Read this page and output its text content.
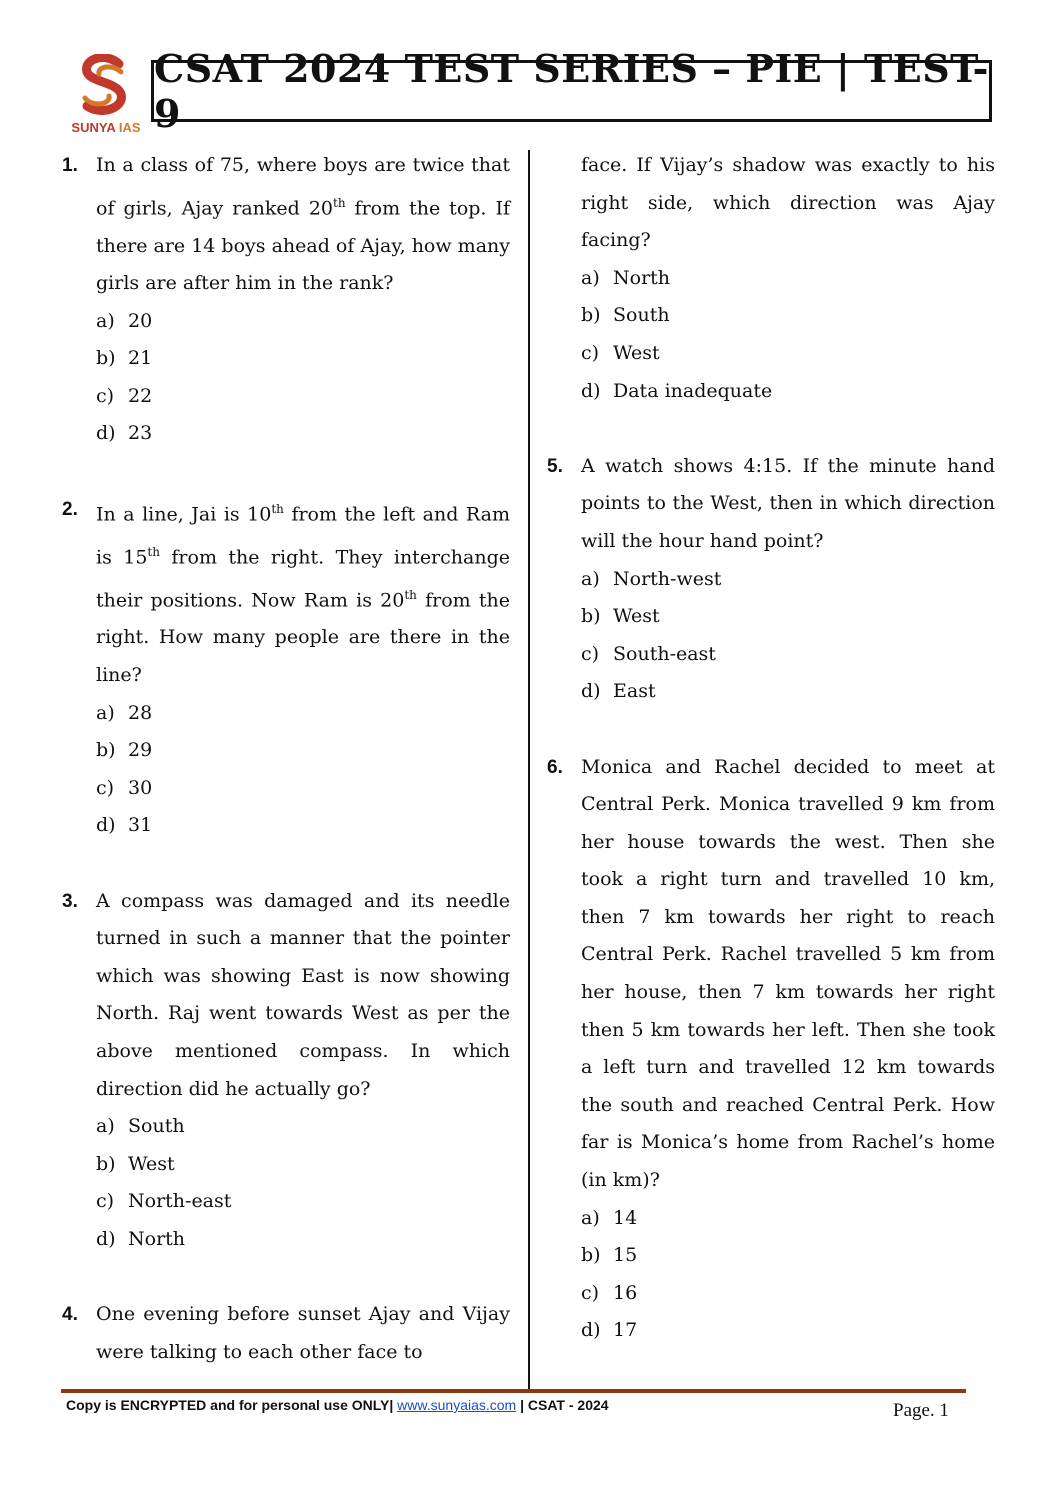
SUNYA IAS
CSAT 2024 TEST SERIES – PIE | TEST-9
1. In a class of 75, where boys are twice that of girls, Ajay ranked 20th from the top. If there are 14 boys ahead of Ajay, how many girls are after him in the rank?
a) 20
b) 21
c) 22
d) 23
2. In a line, Jai is 10th from the left and Ram is 15th from the right. They interchange their positions. Now Ram is 20th from the right. How many people are there in the line?
a) 28
b) 29
c) 30
d) 31
3. A compass was damaged and its needle turned in such a manner that the pointer which was showing East is now showing North. Raj went towards West as per the above mentioned compass. In which direction did he actually go?
a) South
b) West
c) North-east
d) North
4. One evening before sunset Ajay and Vijay were talking to each other face to
face. If Vijay’s shadow was exactly to his right side, which direction was Ajay facing?
a) North
b) South
c) West
d) Data inadequate
5. A watch shows 4:15. If the minute hand points to the West, then in which direction will the hour hand point?
a) North-west
b) West
c) South-east
d) East
6. Monica and Rachel decided to meet at Central Perk. Monica travelled 9 km from her house towards the west. Then she took a right turn and travelled 10 km, then 7 km towards her right to reach Central Perk. Rachel travelled 5 km from her house, then 7 km towards her right then 5 km towards her left. Then she took a left turn and travelled 12 km towards the south and reached Central Perk. How far is Monica’s home from Rachel’s home (in km)?
a) 14
b) 15
c) 16
d) 17
Copy is ENCRYPTED and for personal use ONLY| www.sunyaias.com | CSAT - 2024	Page. 1
